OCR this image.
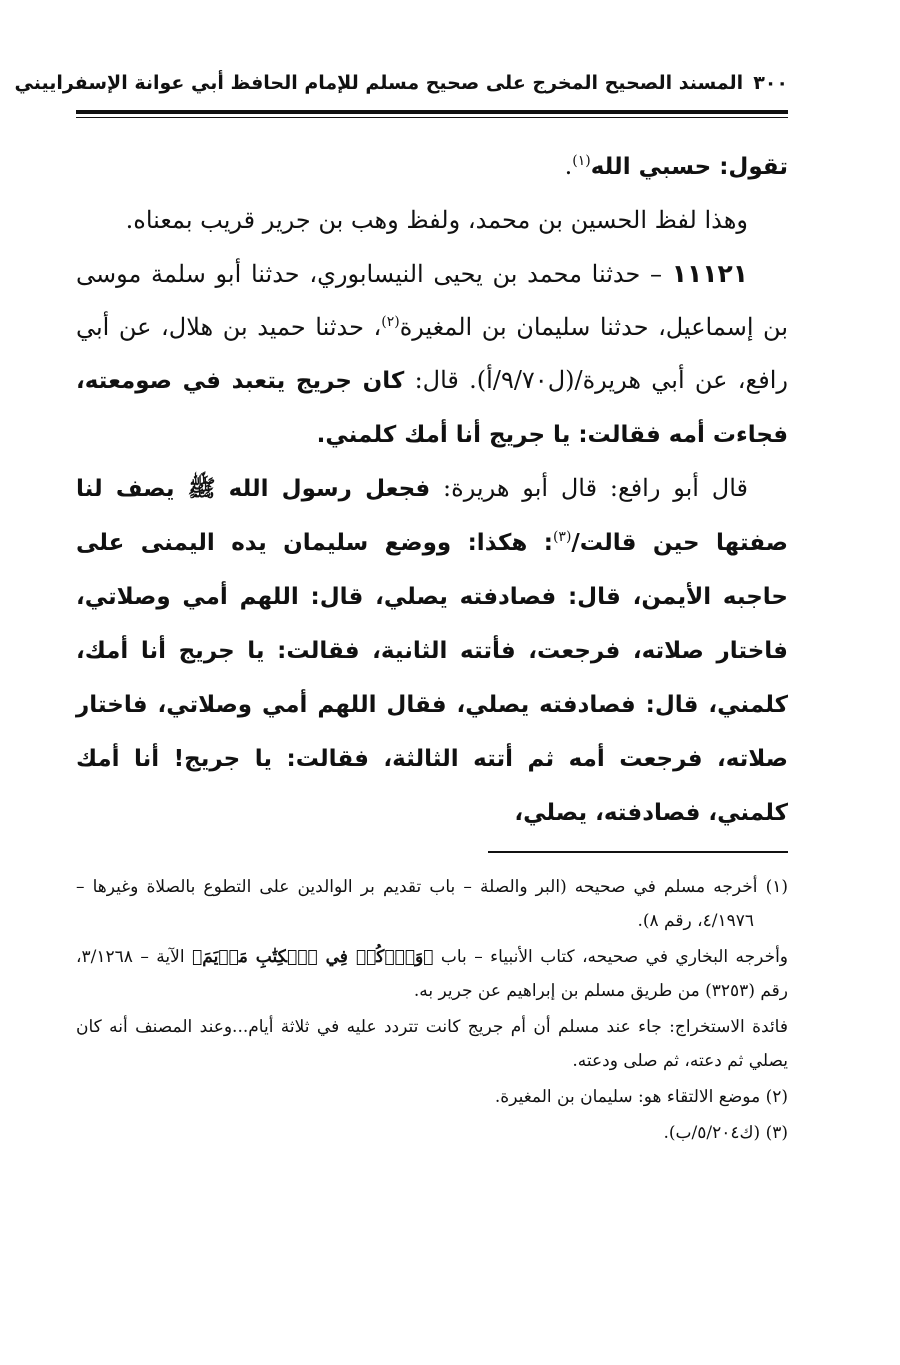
٣٠٠
المسند الصحيح المخرج على صحيح مسلم للإمام الحافظ أبي عوانة الإسفراييني

تقول: حسبي الله$^{(١)}$.

وهذا لفظ الحسين بن محمد، ولفظ وهب بن جرير قريب بمعناه.

١١١٢١ – حدثنا محمد بن يحيى النيسابوري، حدثنا أبو سلمة موسى بن إسماعيل، حدثنا سليمان بن المغيرة$^{(٢)}$، حدثنا حميد بن هلال، عن أبي رافع، عن أبي هريرة/(ل٩/٧٠/أ). قال: كان جريج يتعبد في صومعته، فجاءت أمه فقالت: يا جريج أنا أمك كلمني.

قال أبو رافع: قال أبو هريرة: فجعل رسول الله ﷺ يصف لنا صفتها حين قالت/$^{(٣)}$: هكذا: ووضع سليمان يده اليمنى على حاجبه الأيمن، قال: فصادفته يصلي، قال: اللهم أمي وصلاتي، فاختار صلاته، فرجعت، فأتته الثانية، فقالت: يا جريج أنا أمك، كلمني، قال: فصادفته يصلي، فقال اللهم أمي وصلاتي، فاختار صلاته، فرجعت أمه ثم أتته الثالثة، فقالت: يا جريج! أنا أمك كلمني، فصادفته، يصلي،

(١) أخرجه مسلم في صحيحه (البر والصلة – باب تقديم بر الوالدين على التطوع بالصلاة وغيرها – ٤/١٩٧٦، رقم ٨).

وأخرجه البخاري في صحيحه، كتاب الأنبياء – باب ﴿وَٱذۡكُرۡ فِي ٱلۡكِتَٰبِ مَرۡيَمَ﴾ الآية – ٣/١٢٦٨، رقم (٣٢٥٣) من طريق مسلم بن إبراهيم عن جرير به.

فائدة الاستخراج: جاء عند مسلم أن أم جريج كانت تتردد عليه في ثلاثة أيام...وعند المصنف أنه كان يصلي ثم دعته، ثم صلى ودعته.

(٢) موضع الالتقاء هو: سليمان بن المغيرة.

(٣) (ك٥/٢٠٤/ب).
